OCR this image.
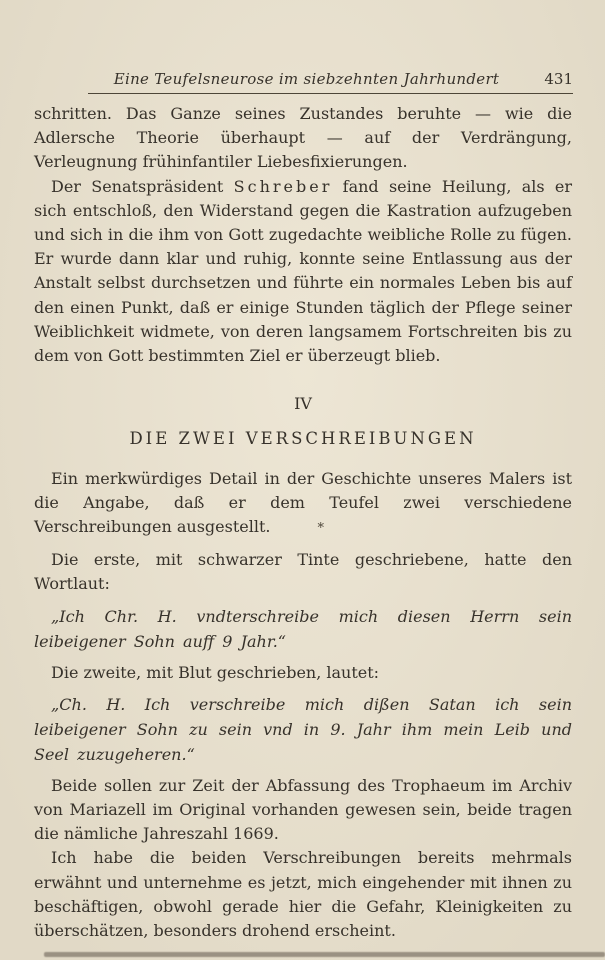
Eine Teufelsneurose im siebzehnten Jahrhundert	431

schritten. Das Ganze seines Zustandes beruhte — wie die Adlersche Theorie überhaupt — auf der Verdrängung, Verleugnung frühinfantiler Liebesfixierungen.

Der Senatspräsident Schreber fand seine Heilung, als er sich entschloß, den Widerstand gegen die Kastration aufzugeben und sich in die ihm von Gott zugedachte weibliche Rolle zu fügen. Er wurde dann klar und ruhig, konnte seine Entlassung aus der Anstalt selbst durchsetzen und führte ein normales Leben bis auf den einen Punkt, daß er einige Stunden täglich der Pflege seiner Weiblichkeit widmete, von deren langsamem Fortschreiten bis zu dem von Gott bestimmten Ziel er überzeugt blieb.

IV

DIE ZWEI VERSCHREIBUNGEN

Ein merkwürdiges Detail in der Geschichte unseres Malers ist die Angabe, daß er dem Teufel zwei verschiedene Verschreibungen ausgestellt.	*

Die erste, mit schwarzer Tinte geschriebene, hatte den Wortlaut:

„Ich Chr. H. vndterschreibe mich diesen Herrn sein leibeigener Sohn auff 9 Jahr.“

Die zweite, mit Blut geschrieben, lautet:

„Ch. H. Ich verschreibe mich dißen Satan ich sein leibeigener Sohn zu sein vnd in 9. Jahr ihm mein Leib und Seel zuzugeheren.“

Beide sollen zur Zeit der Abfassung des Trophaeum im Archiv von Mariazell im Original vorhanden gewesen sein, beide tragen die nämliche Jahreszahl 1669.

Ich habe die beiden Verschreibungen bereits mehrmals erwähnt und unternehme es jetzt, mich eingehender mit ihnen zu beschäftigen, obwohl gerade hier die Gefahr, Kleinigkeiten zu überschätzen, besonders drohend erscheint.
